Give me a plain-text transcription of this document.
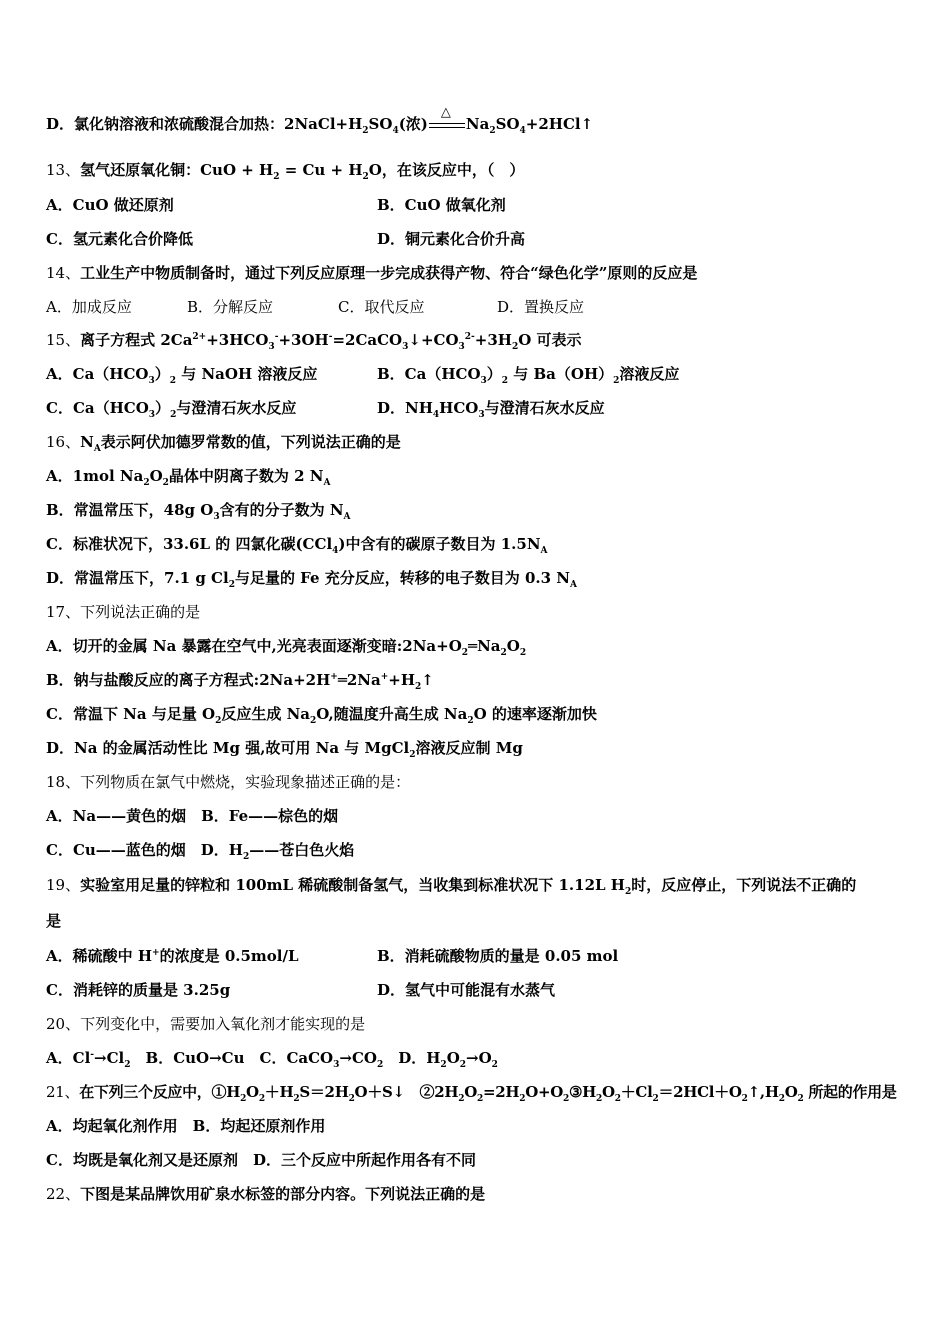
D．氯化钠溶液和浓硫酸混合加热：$2NaCl+H_2SO_4$(浓)
△
$Na_2SO_4+2HCl↑$
13、氢气还原氧化铜：CuO + $H_2 = Cu + H_2O$，在该反应中，（　）
A．CuO 做还原剂	B．CuO 做氧化剂
C．氢元素化合价降低	D．铜元素化合价升高
14、工业生产中物质制备时，通过下列反应原理一步完成获得产物、符合“绿色化学”原则的反应是
A．加成反应	B．分解反应	C．取代反应	D．置换反应
15、离子方程式 $2Ca^{2+}+3HCO_3^-+3OH^-=2CaCO_3↓+CO_3^{2-}+3H_2O$ 可表示
A．$Ca(HCO_3)_2$ 与 NaOH 溶液反应	B．$Ca(HCO_3)_2$ 与 $Ba(OH)_2$溶液反应
C．$Ca(HCO_3)_2$与澄清石灰水反应	D．$NH_4HCO_3$与澄清石灰水反应
16、$N_A$表示阿伏加德罗常数的值，下列说法正确的是
A．1mol $Na_2O_2$晶体中阴离子数为 2 $N_A$
B．常温常压下，48g $O_3$含有的分子数为 $N_A$
C．标准状况下，33.6L 的 四氯化碳(CCl$_4$)中含有的碳原子数目为 $1.5N_A$
D．常温常压下，7.1 g $Cl_2$与足量的 Fe 充分反应，转移的电子数目为 0.3 $N_A$
17、下列说法正确的是
A．切开的金属 Na 暴露在空气中,光亮表面逐渐变暗$:2Na+O_2═Na_2O_2$
B．钠与盐酸反应的离子方程式$:2Na+2H^+═2Na^++H_2↑$
C．常温下 Na 与足量 $O_2$反应生成 $Na_2O$,随温度升高生成 $Na_2O$ 的速率逐渐加快
D．Na 的金属活动性比 Mg 强,故可用 Na 与 MgCl$_2$溶液反应制 Mg
18、下列物质在氯气中燃烧，实验现象描述正确的是：
A．Na——黄色的烟　B．Fe——棕色的烟
C．Cu——蓝色的烟　D．$H_2——$苍白色火焰
19、实验室用足量的锌粒和 100mL 稀硫酸制备氢气，当收集到标准状况下 1.12L $H_2$时，反应停止，下列说法不正确的
是
A．稀硫酸中 H+的浓度是 0.5mol/L	B．消耗硫酸物质的量是 0.05 mol
C．消耗锌的质量是 3.25g	D．氢气中可能混有水蒸气
20、下列变化中，需要加入氧化剂才能实现的是
A．$Cl^-\to Cl_2$　B．CuO→Cu　C．$CaCO_3\to CO_2$　D．$H_2O_2\to O_2$
21、在下列三个反应中，$①H_2O_2+H_2S=2H_2O+S↓$　$②2H_2O_2=2H_2O+O_2③H_2O_2+Cl_2=2HCl+O_2↑,H_2O_2$ 所起的作用是
A．均起氧化剂作用　B．均起还原剂作用
C．均既是氧化剂又是还原剂　D．三个反应中所起作用各有不同
22、下图是某品牌饮用矿泉水标签的部分内容。下列说法正确的是
